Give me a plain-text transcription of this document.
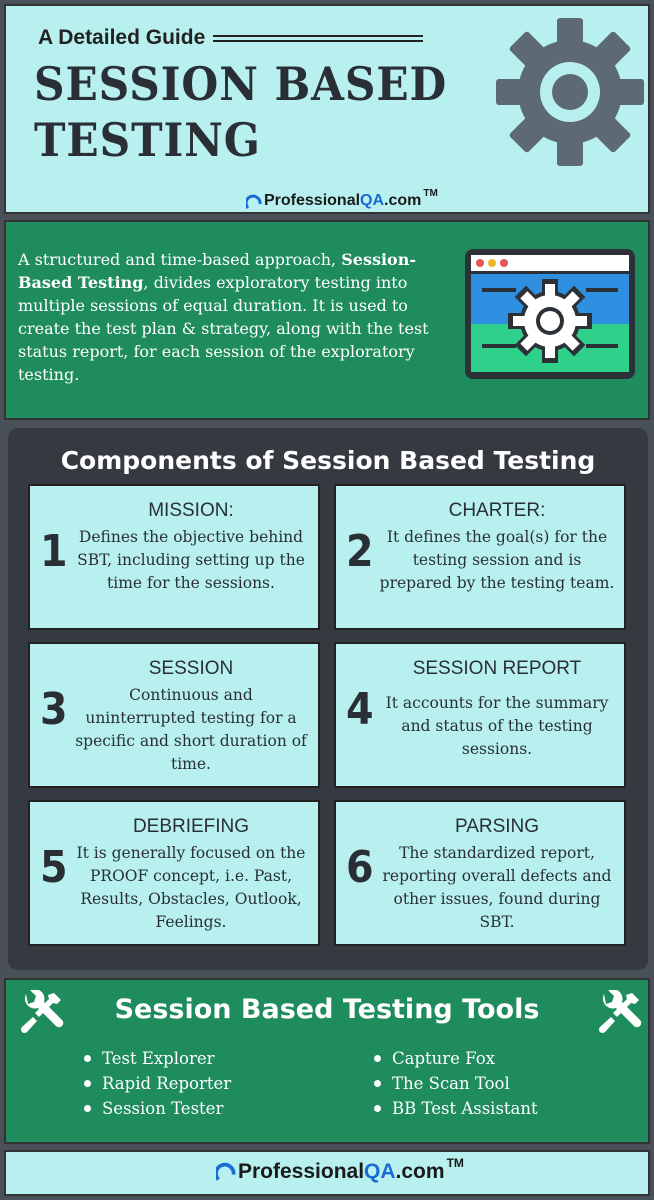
A Detailed Guide
SESSION BASED
TESTING
ProfessionalQA.com TM

A structured and time-based approach, Session-Based Testing, divides exploratory testing into multiple sessions of equal duration. It is used to create the test plan & strategy, along with the test status report, for each session of the exploratory testing.

Components of Session Based Testing
1
MISSION:
Defines the objective behind SBT, including setting up the time for the sessions.
2
CHARTER:
It defines the goal(s) for the testing session and is prepared by the testing team.
3
SESSION
Continuous and uninterrupted testing for a specific and short duration of time.
4
SESSION REPORT
It accounts for the summary and status of the testing sessions.
5
DEBRIEFING
It is generally focused on the PROOF concept, i.e. Past, Results, Obstacles, Outlook, Feelings.
6
PARSING
The standardized report, reporting overall defects and other issues, found during SBT.
Session Based Testing Tools
Test Explorer
Rapid Reporter
Session Tester
Capture Fox
The Scan Tool
BB Test Assistant
ProfessionalQA.com TM
